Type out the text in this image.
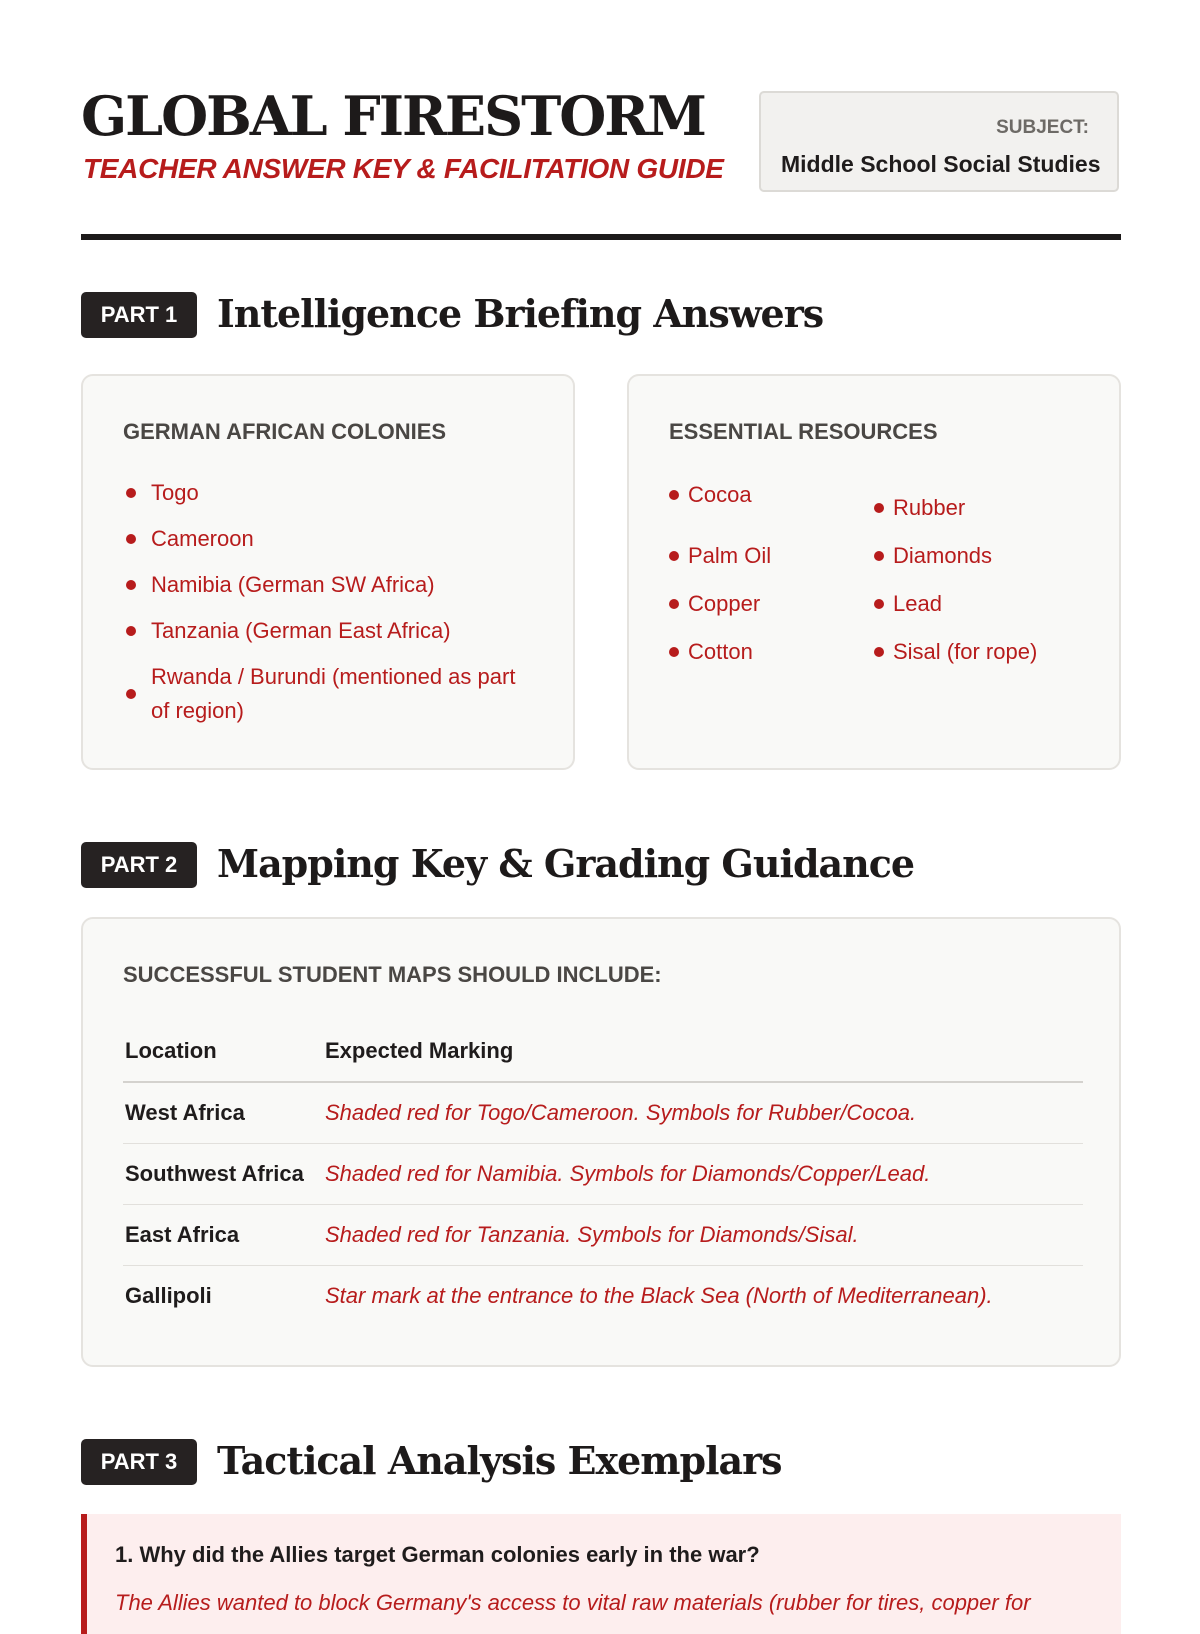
GLOBAL FIRESTORM
TEACHER ANSWER KEY & FACILITATION GUIDE
SUBJECT:
Middle School Social Studies
PART 1	Intelligence Briefing Answers
GERMAN AFRICAN COLONIES
Togo
Cameroon
Namibia (German SW Africa)
Tanzania (German East Africa)
Rwanda / Burundi (mentioned as part of region)
ESSENTIAL RESOURCES
Cocoa
Rubber
Palm Oil	Diamonds
Copper	Lead
Cotton	Sisal (for rope)
PART 2	Mapping Key & Grading Guidance
SUCCESSFUL STUDENT MAPS SHOULD INCLUDE:
Location	Expected Marking
West Africa	Shaded red for Togo/Cameroon. Symbols for Rubber/Cocoa.
Southwest Africa	Shaded red for Namibia. Symbols for Diamonds/Copper/Lead.
East Africa	Shaded red for Tanzania. Symbols for Diamonds/Sisal.
Gallipoli	Star mark at the entrance to the Black Sea (North of Mediterranean).
PART 3	Tactical Analysis Exemplars
1. Why did the Allies target German colonies early in the war?
The Allies wanted to block Germany's access to vital raw materials (rubber for tires, copper for
